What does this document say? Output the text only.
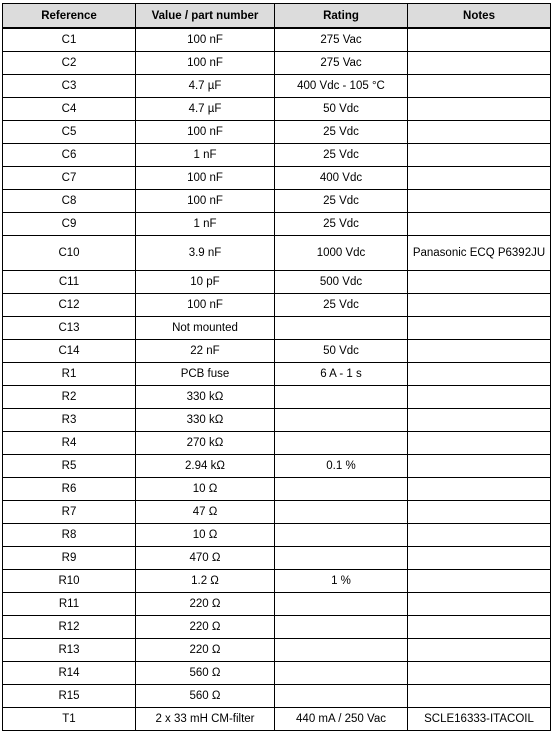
Reference	Value / part number	Rating	Notes
C1	100 nF	275 Vac	
C2	100 nF	275 Vac	
C3	4.7 µF	400 Vdc - 105 °C	
C4	4.7 µF	50 Vdc	
C5	100 nF	25 Vdc	
C6	1 nF	25 Vdc	
C7	100 nF	400 Vdc	
C8	100 nF	25 Vdc	
C9	1 nF	25 Vdc	
C10	3.9 nF	1000 Vdc	Panasonic ECQ P6392JU
C11	10 pF	500 Vdc	
C12	100 nF	25 Vdc	
C13	Not mounted		
C14	22 nF	50 Vdc	
R1	PCB fuse	6 A - 1 s	
R2	330 kΩ		
R3	330 kΩ		
R4	270 kΩ		
R5	2.94 kΩ	0.1 %	
R6	10 Ω		
R7	47 Ω		
R8	10 Ω		
R9	470 Ω		
R10	1.2 Ω	1 %	
R11	220 Ω		
R12	220 Ω		
R13	220 Ω		
R14	560 Ω		
R15	560 Ω		
T1	2 x 33 mH CM-filter	440 mA / 250 Vac	SCLE16333-ITACOIL
